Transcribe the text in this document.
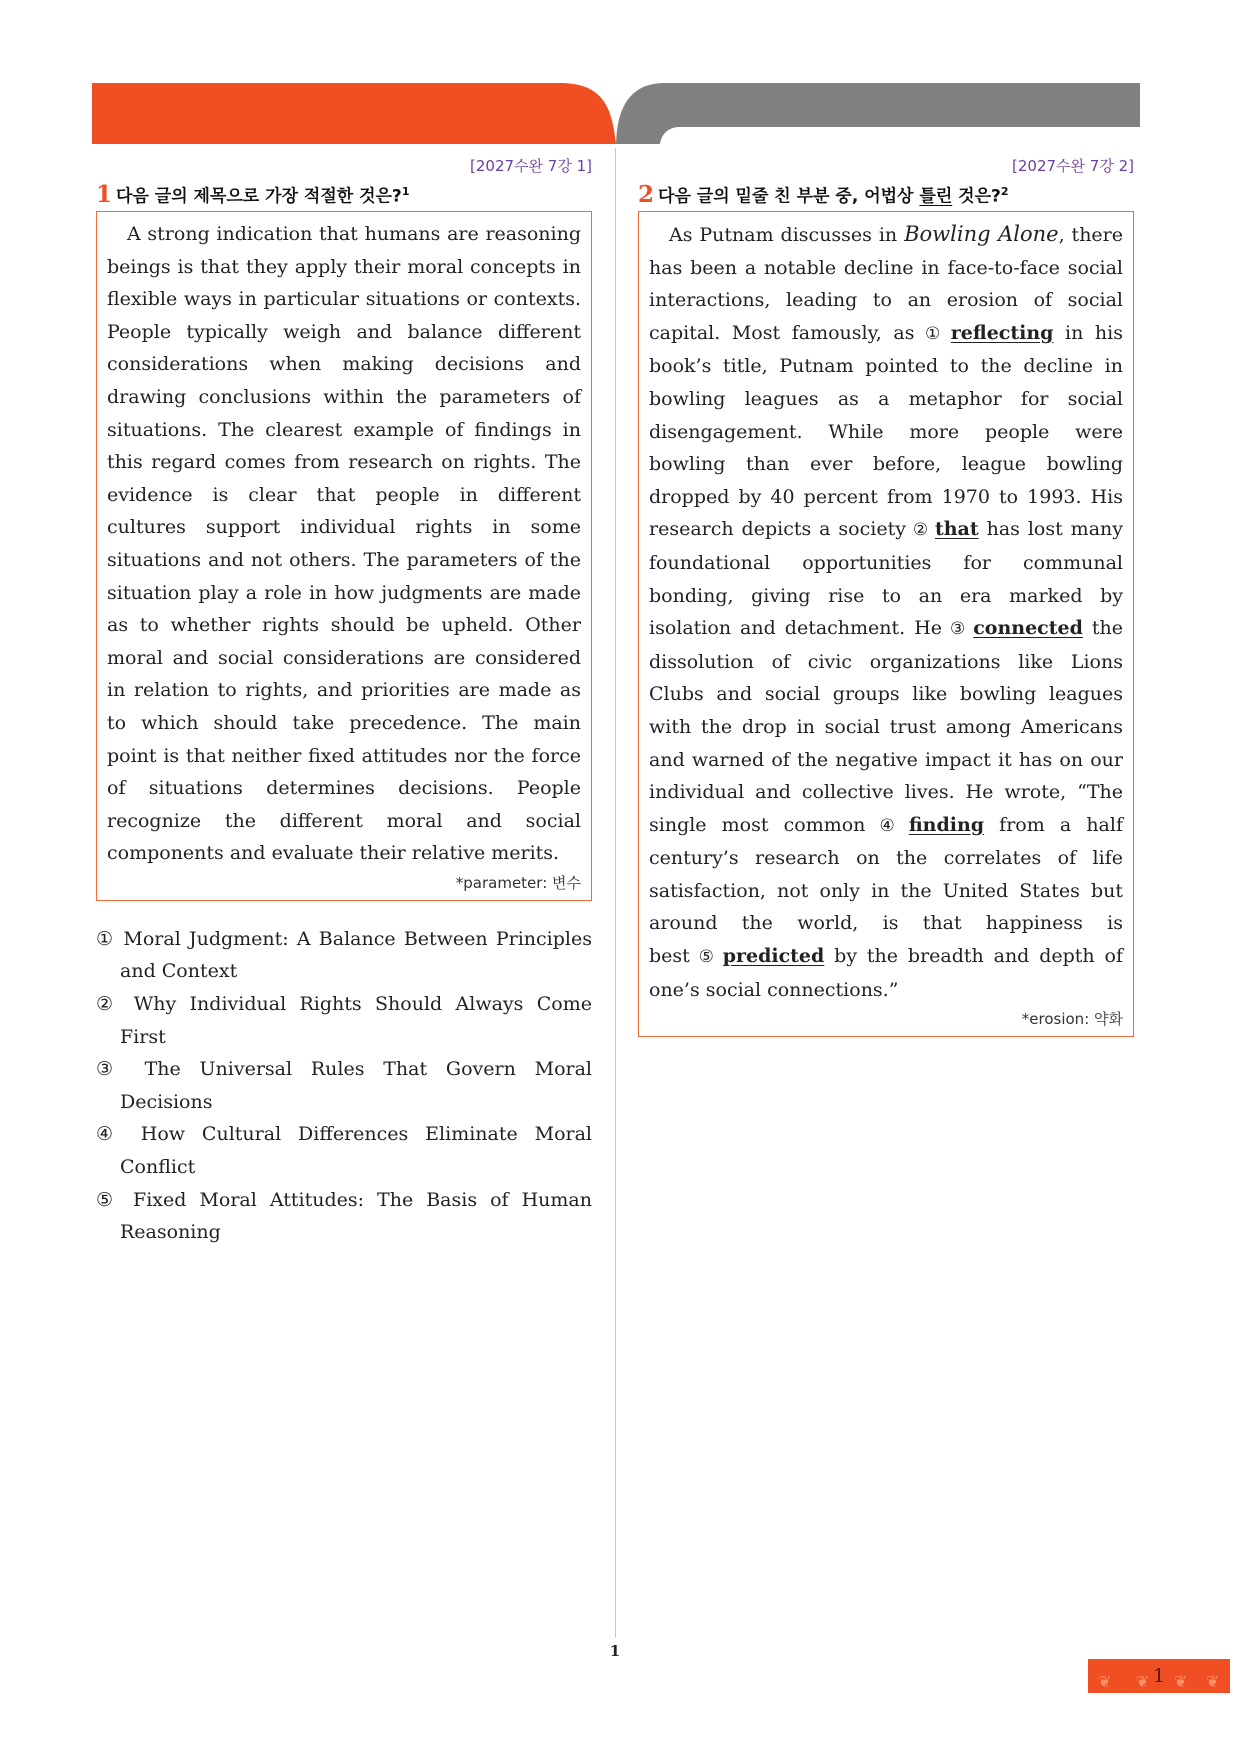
[2027수완 7강 1]
1 다음 글의 제목으로 가장 적절한 것은?$^1$

A strong indication that humans are reasoning beings is that they apply their moral concepts in flexible ways in particular situations or contexts. People typically weigh and balance different considerations when making decisions and drawing conclusions within the parameters of situations. The clearest example of findings in this regard comes from research on rights. The evidence is clear that people in different cultures support individual rights in some situations and not others. The parameters of the situation play a role in how judgments are made as to whether rights should be upheld. Other moral and social considerations are considered in relation to rights, and priorities are made as to which should take precedence. The main point is that neither fixed attitudes nor the force of situations determines decisions. People recognize the different moral and social components and evaluate their relative merits.

*parameter: 변수
① Moral Judgment: A Balance Between Principles and Context
② Why Individual Rights Should Always Come First
③ The Universal Rules That Govern Moral Decisions
④ How Cultural Differences Eliminate Moral Conflict
⑤ Fixed Moral Attitudes: The Basis of Human Reasoning
[2027수완 7강 2]
2 다음 글의 밑줄 친 부분 중, 어법상 틀린 것은?$^2$

As Putnam discusses in Bowling Alone, there has been a notable decline in face-to-face social interactions, leading to an erosion of social capital. Most famously, as ① reflecting in his book’s title, Putnam pointed to the decline in bowling leagues as a metaphor for social disengagement. While more people were bowling than ever before, league bowling dropped by 40 percent from 1970 to 1993. His research depicts a society ② that has lost many foundational opportunities for communal bonding, giving rise to an era marked by isolation and detachment. He ③ connected the dissolution of civic organizations like Lions Clubs and social groups like bowling leagues with the drop in social trust among Americans and warned of the negative impact it has on our individual and collective lives. He wrote, “The single most common ④ finding from a half century’s research on the correlates of life satisfaction, not only in the United States but around the world, is that happiness is best ⑤ predicted by the breadth and depth of one’s social connections.”

*erosion: 약화
1
❦ ❦ ❦ ❦
1
